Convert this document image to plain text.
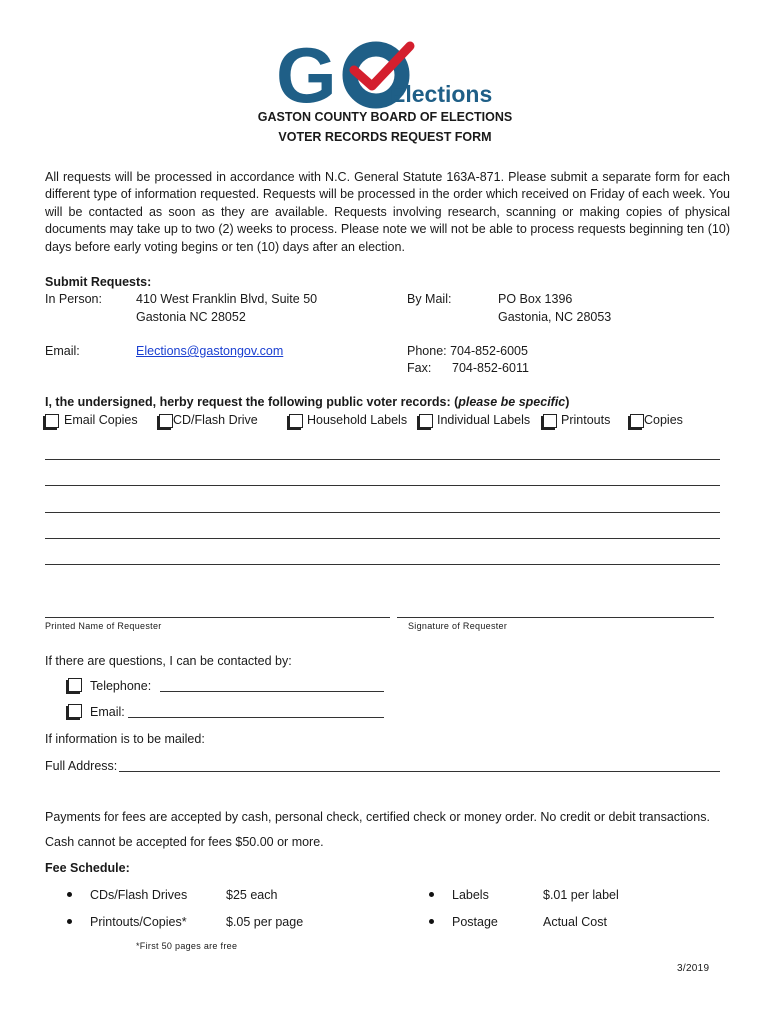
G Elections
GASTON COUNTY BOARD OF ELECTIONS
VOTER RECORDS REQUEST FORM
All requests will be processed in accordance with N.C. General Statute 163A-871. Please submit a separate form for each different type of information requested. Requests will be processed in the order which received on Friday of each week. You will be contacted as soon as they are available. Requests involving research, scanning or making copies of physical documents may take up to two (2) weeks to process. Please note we will not be able to process requests beginning ten (10) days before early voting begins or ten (10) days after an election.
Submit Requests:
In Person:	410 West Franklin Blvd, Suite 50
Gastonia NC 28052
By Mail:	PO Box 1396
Gastonia, NC 28053
Email:	Elections@gastongov.com	Phone: 704-852-6005
Fax: 704-852-6011
I, the undersigned, herby request the following public voter records: (please be specific)
Email Copies	CD/Flash Drive	Household Labels Individual Labels Printouts	Copies
Printed Name of Requester	Signature of Requester
If there are questions, I can be contacted by:
Telephone:
Email:
If information is to be mailed:
Full Address:
Payments for fees are accepted by cash, personal check, certified check or money order. No credit or debit transactions.
Cash cannot be accepted for fees $50.00 or more.
Fee Schedule:
CDs/Flash Drives	$25 each
Printouts/Copies*	$.05 per page
Labels	$.01 per label
Postage	Actual Cost
*First 50 pages are free
3/2019
